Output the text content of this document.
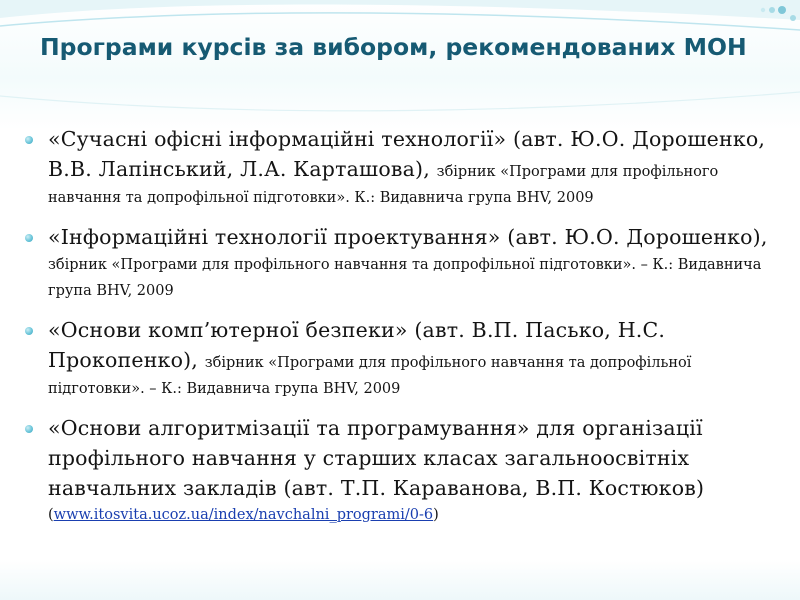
Програми курсів за вибором, рекомендованих МОН
«Сучасні офісні інформаційні технології» (авт. Ю.О. Дорошенко, В.В. Лапінський, Л.А. Карташова), збірник «Програми для профільного навчання та допрофільної підготовки». К.: Видавнича група BHV, 2009
«Інформаційні технології проектування» (авт. Ю.О. Дорошенко), збірник «Програми для профільного навчання та допрофільної підготовки». – К.: Видавнича група BHV, 2009
«Основи комп’ютерної безпеки» (авт. В.П. Пасько, Н.С. Прокопенко), збірник «Програми для профільного навчання та допрофільної підготовки». – К.: Видавнича група BHV, 2009
«Основи алгоритмізації та програмування» для організації профільного навчання у старших класах загальноосвітніх навчальних закладів (авт. Т.П. Караванова, В.П. Костюков)
(www.itosvita.ucoz.ua/index/navchalni_programi/0-6)
